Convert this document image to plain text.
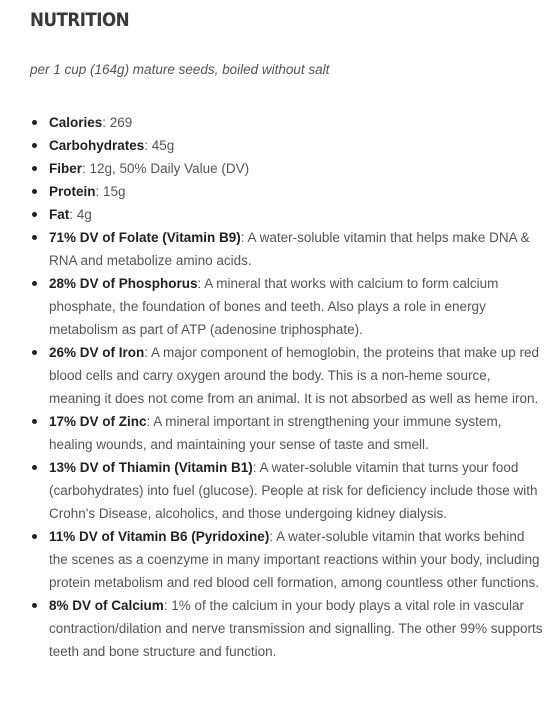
NUTRITION

per 1 cup (164g) mature seeds, boiled without salt

Calories: 269
Carbohydrates: 45g
Fiber: 12g, 50% Daily Value (DV)
Protein: 15g
Fat: 4g
71% DV of Folate (Vitamin B9): A water-soluble vitamin that helps make DNA & RNA and metabolize amino acids.
28% DV of Phosphorus: A mineral that works with calcium to form calcium phosphate, the foundation of bones and teeth. Also plays a role in energy metabolism as part of ATP (adenosine triphosphate).
26% DV of Iron: A major component of hemoglobin, the proteins that make up red blood cells and carry oxygen around the body. This is a non-heme source, meaning it does not come from an animal. It is not absorbed as well as heme iron.
17% DV of Zinc: A mineral important in strengthening your immune system, healing wounds, and maintaining your sense of taste and smell.
13% DV of Thiamin (Vitamin B1): A water-soluble vitamin that turns your food (carbohydrates) into fuel (glucose). People at risk for deficiency include those with Crohn's Disease, alcoholics, and those undergoing kidney dialysis.
11% DV of Vitamin B6 (Pyridoxine): A water-soluble vitamin that works behind the scenes as a coenzyme in many important reactions within your body, including protein metabolism and red blood cell formation, among countless other functions.
8% DV of Calcium: 1% of the calcium in your body plays a vital role in vascular contraction/dilation and nerve transmission and signalling. The other 99% supports teeth and bone structure and function.
